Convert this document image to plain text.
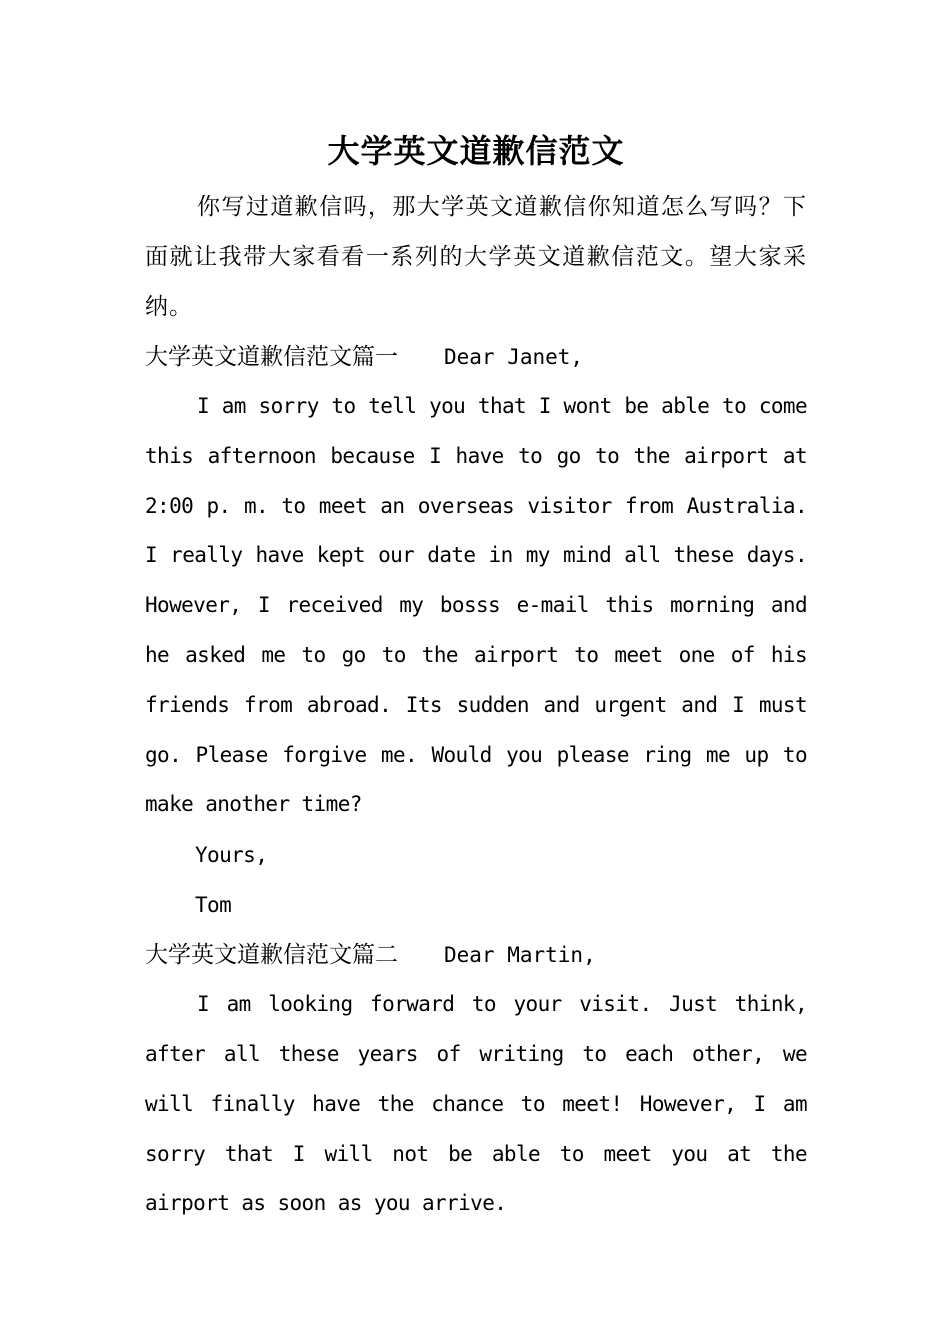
大学英文道歉信范文

你写过道歉信吗，那大学英文道歉信你知道怎么写吗？下面就让我带大家看看一系列的大学英文道歉信范文。望大家采纳。

大学英文道歉信范文篇一 Dear Janet,

I am sorry to tell you that I wont be able to come this afternoon because I have to go to the airport at 2:00 p. m. to meet an overseas visitor from Australia. I really have kept our date in my mind all these days. However, I received my bosss e-mail this morning and he asked me to go to the airport to meet one of his friends from abroad. Its sudden and urgent and I must go. Please forgive me. Would you please ring me up to make another time?

Yours,

Tom

大学英文道歉信范文篇二 Dear Martin,

I am looking forward to your visit. Just think, after all these years of writing to each other, we will finally have the chance to meet! However, I am sorry that I will not be able to meet you at the airport as soon as you arrive.
